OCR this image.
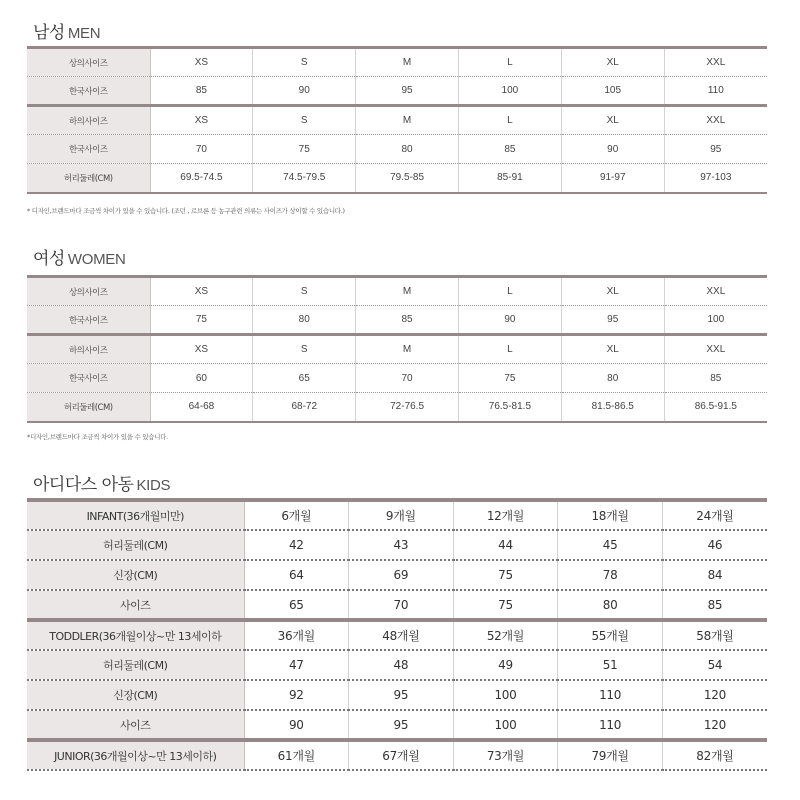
남성 MEN
상의사이즈	XS	S	M	L	XL	XXL
한국사이즈	85	90	95	100	105	110
하의사이즈	XS	S	M	L	XL	XXL
한국사이즈	70	75	80	85	90	95
허리둘레(CM)	69.5-74.5	74.5-79.5	79.5-85	85-91	91-97	97-103
* 디자인,브랜드마다 조금씩 차이가 있을 수 있습니다. (조던 , 르브론 등 농구관련 의류는 사이즈가 상이할 수 있습니다.)
여성 WOMEN
상의사이즈	XS	S	M	L	XL	XXL
한국사이즈	75	80	85	90	95	100
하의사이즈	XS	S	M	L	XL	XXL
한국사이즈	60	65	70	75	80	85
허리둘레(CM)	64-68	68-72	72-76.5	76.5-81.5	81.5-86.5	86.5-91.5
*디자인,브랜드마다 조금씩 차이가 있을 수 있습니다.
아디다스 아동 KIDS
INFANT(36개월미만)	6개월	9개월	12개월	18개월	24개월
허리둘레(CM)	42	43	44	45	46
신장(CM)	64	69	75	78	84
사이즈	65	70	75	80	85
TODDLER(36개월이상~만 13세이하	36개월	48개월	52개월	55개월	58개월
허리둘레(CM)	47	48	49	51	54
신장(CM)	92	95	100	110	120
사이즈	90	95	100	110	120
JUNIOR(36개월이상~만 13세이하)	61개월	67개월	73개월	79개월	82개월
